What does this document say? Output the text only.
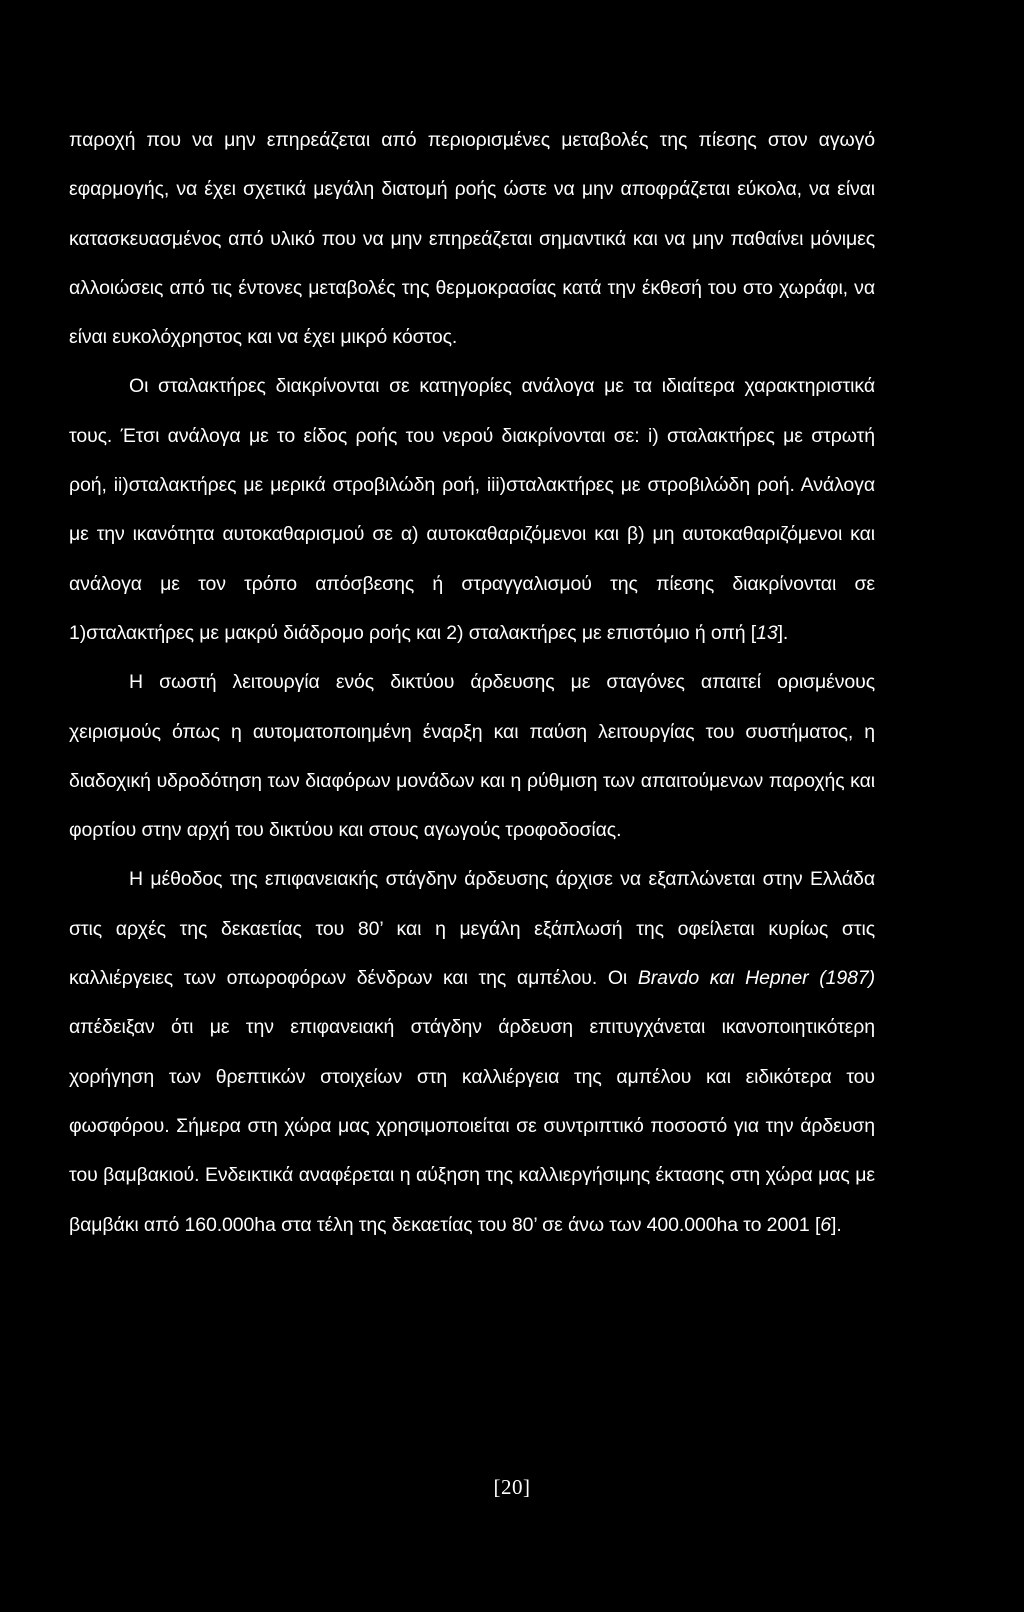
παροχή που να μην επηρεάζεται από περιορισμένες μεταβολές της πίεσης στον αγωγό εφαρμογής, να έχει σχετικά μεγάλη διατομή ροής ώστε να μην αποφράζεται εύκολα, να είναι κατασκευασμένος από υλικό που να μην επηρεάζεται σημαντικά και να μην παθαίνει μόνιμες αλλοιώσεις από τις έντονες μεταβολές της θερμοκρασίας κατά την έκθεσή του στο χωράφι, να είναι ευκολόχρηστος και να έχει μικρό κόστος.

Οι σταλακτήρες διακρίνονται σε κατηγορίες ανάλογα με τα ιδιαίτερα χαρακτηριστικά τους. Έτσι ανάλογα με το είδος ροής του νερού διακρίνονται σε: i) σταλακτήρες με στρωτή ροή, ii)σταλακτήρες με μερικά στροβιλώδη ροή, iii)σταλακτήρες με στροβιλώδη ροή. Ανάλογα με την ικανότητα αυτοκαθαρισμού σε α) αυτοκαθαριζόμενοι και β) μη αυτοκαθαριζόμενοι και ανάλογα με τον τρόπο απόσβεσης ή στραγγαλισμού της πίεσης διακρίνονται σε 1)σταλακτήρες με μακρύ διάδρομο ροής και 2) σταλακτήρες με επιστόμιο ή οπή [13].

Η σωστή λειτουργία ενός δικτύου άρδευσης με σταγόνες απαιτεί ορισμένους χειρισμούς όπως η αυτοματοποιημένη έναρξη και παύση λειτουργίας του συστήματος, η διαδοχική υδροδότηση των διαφόρων μονάδων και η ρύθμιση των απαιτούμενων παροχής και φορτίου στην αρχή του δικτύου και στους αγωγούς τροφοδοσίας.

Η μέθοδος της επιφανειακής στάγδην άρδευσης άρχισε να εξαπλώνεται στην Ελλάδα στις αρχές της δεκαετίας του 80’ και η μεγάλη εξάπλωσή της οφείλεται κυρίως στις καλλιέργειες των οπωροφόρων δένδρων και της αμπέλου. Οι Bravdo και Hepner (1987) απέδειξαν ότι με την επιφανειακή στάγδην άρδευση επιτυγχάνεται ικανοποιητικότερη χορήγηση των θρεπτικών στοιχείων στη καλλιέργεια της αμπέλου και ειδικότερα του φωσφόρου. Σήμερα στη χώρα μας χρησιμοποιείται σε συντριπτικό ποσοστό για την άρδευση του βαμβακιού. Ενδεικτικά αναφέρεται η αύξηση της καλλιεργήσιμης έκτασης στη χώρα μας με βαμβάκι από 160.000ha στα τέλη της δεκαετίας του 80’ σε άνω των 400.000ha το 2001 [6].

[20]
